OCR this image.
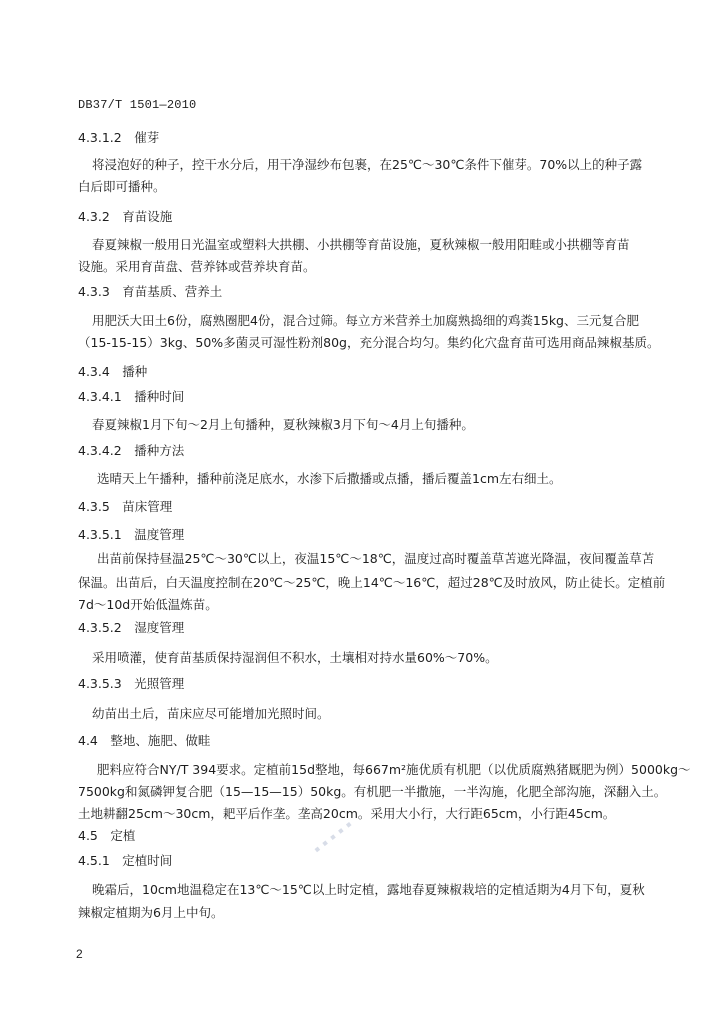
DB37/T 1501—2010
4.3.1.2　催芽
将浸泡好的种子，控干水分后，用干净湿纱布包裹，在25℃～30℃条件下催芽。70%以上的种子露
白后即可播种。
4.3.2　育苗设施
春夏辣椒一般用日光温室或塑料大拱棚、小拱棚等育苗设施，夏秋辣椒一般用阳畦或小拱棚等育苗
设施。采用育苗盘、营养钵或营养块育苗。
4.3.3　育苗基质、营养土
用肥沃大田土6份，腐熟圈肥4份，混合过筛。每立方米营养土加腐熟捣细的鸡粪15kg、三元复合肥
（15-15-15）3kg、50%多菌灵可湿性粉剂80g，充分混合均匀。集约化穴盘育苗可选用商品辣椒基质。
4.3.4　播种
4.3.4.1　播种时间
春夏辣椒1月下旬～2月上旬播种，夏秋辣椒3月下旬～4月上旬播种。
4.3.4.2　播种方法
选晴天上午播种，播种前浇足底水，水渗下后撒播或点播，播后覆盖1cm左右细土。
4.3.5　苗床管理
4.3.5.1　温度管理
出苗前保持昼温25℃～30℃以上，夜温15℃～18℃，温度过高时覆盖草苫遮光降温，夜间覆盖草苫
保温。出苗后，白天温度控制在20℃～25℃，晚上14℃～16℃，超过28℃及时放风，防止徒长。定植前
7d～10d开始低温炼苗。
4.3.5.2　湿度管理
采用喷灌，使育苗基质保持湿润但不积水，土壤相对持水量60%～70%。
4.3.5.3　光照管理
幼苗出土后，苗床应尽可能增加光照时间。
4.4　整地、施肥、做畦
肥料应符合NY/T 394要求。定植前15d整地，每667m²施优质有机肥（以优质腐熟猪厩肥为例）5000kg～
7500kg和氮磷钾复合肥（15—15—15）50kg。有机肥一半撒施，一半沟施，化肥全部沟施，深翻入土。
土地耕翻25cm～30cm，耙平后作垄。垄高20cm。采用大小行，大行距65cm，小行距45cm。
4.5　定植
4.5.1　定植时间
晚霜后，10cm地温稳定在13℃～15℃以上时定植，露地春夏辣椒栽培的定植适期为4月下旬，夏秋
辣椒定植期为6月上中旬。
▪ ▪ ▪ ▪ ▪
2
